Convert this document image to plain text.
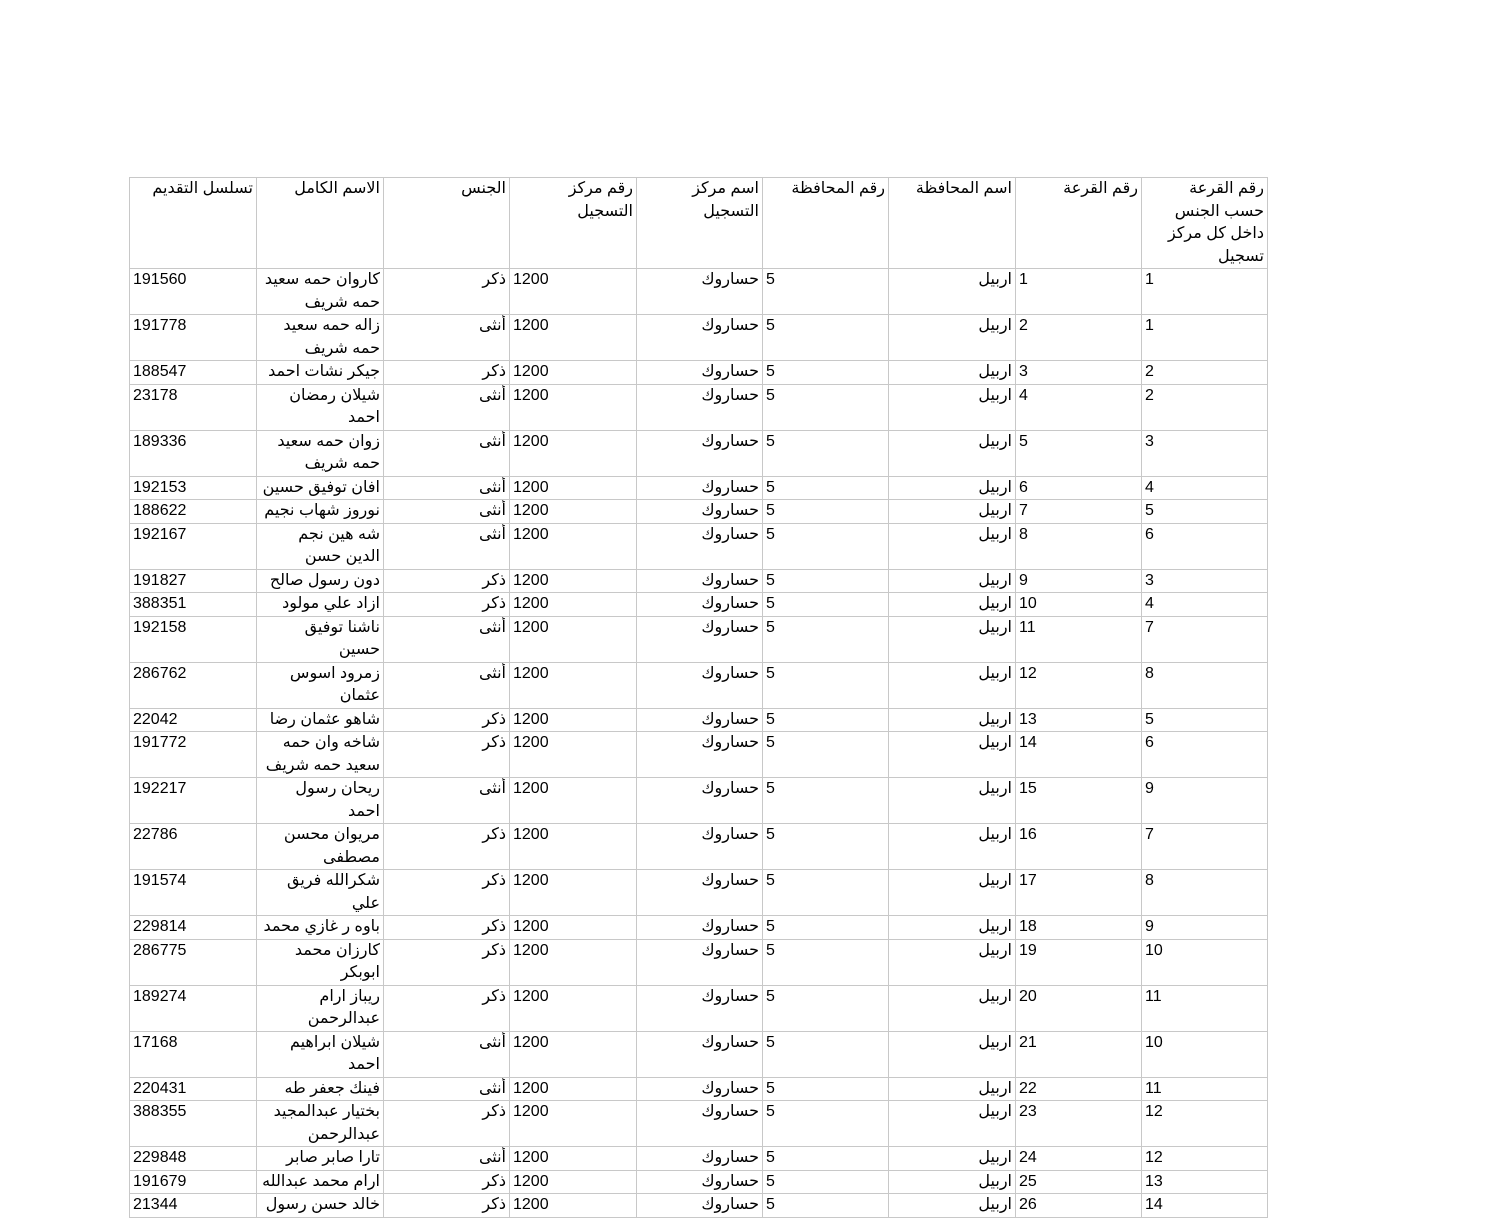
رقم القرعة حسب الجنس داخل كل مركز تسجيل	رقم القرعة	اسم المحافظة	رقم المحافظة	اسم مركز التسجيل	رقم مركز التسجيل	الجنس	الاسم الكامل	تسلسل التقديم
1	1	اربيل	5	حساروك	1200	ذكر	كاروان حمه سعيد حمه شريف	191560
1	2	اربيل	5	حساروك	1200	أنثى	زاله حمه سعيد حمه شريف	191778
2	3	اربيل	5	حساروك	1200	ذكر	جيكر نشات احمد	188547
2	4	اربيل	5	حساروك	1200	أنثى	شيلان رمضان احمد	23178
3	5	اربيل	5	حساروك	1200	أنثى	زوان حمه سعيد حمه شريف	189336
4	6	اربيل	5	حساروك	1200	أنثى	افان توفيق حسين	192153
5	7	اربيل	5	حساروك	1200	أنثى	نوروز شهاب نجيم	188622
6	8	اربيل	5	حساروك	1200	أنثى	شه هين نجم الدين حسن	192167
3	9	اربيل	5	حساروك	1200	ذكر	دون رسول صالح	191827
4	10	اربيل	5	حساروك	1200	ذكر	ازاد علي مولود	388351
7	11	اربيل	5	حساروك	1200	أنثى	ناشنا توفيق حسين	192158
8	12	اربيل	5	حساروك	1200	أنثى	زمرود اسوس عثمان	286762
5	13	اربيل	5	حساروك	1200	ذكر	شاهو عثمان رضا	22042
6	14	اربيل	5	حساروك	1200	ذكر	شاخه وان حمه سعيد حمه شريف	191772
9	15	اربيل	5	حساروك	1200	أنثى	ريحان رسول احمد	192217
7	16	اربيل	5	حساروك	1200	ذكر	مريوان محسن مصطفى	22786
8	17	اربيل	5	حساروك	1200	ذكر	شكرالله فريق علي	191574
9	18	اربيل	5	حساروك	1200	ذكر	باوه ر غازي محمد	229814
10	19	اربيل	5	حساروك	1200	ذكر	كارزان محمد ابوبكر	286775
11	20	اربيل	5	حساروك	1200	ذكر	ريباز ارام عبدالرحمن	189274
10	21	اربيل	5	حساروك	1200	أنثى	شيلان ابراهيم احمد	17168
11	22	اربيل	5	حساروك	1200	أنثى	فينك جعفر طه	220431
12	23	اربيل	5	حساروك	1200	ذكر	بختيار عبدالمجيد عبدالرحمن	388355
12	24	اربيل	5	حساروك	1200	أنثى	تارا صابر صابر	229848
13	25	اربيل	5	حساروك	1200	ذكر	ارام محمد عبدالله	191679
14	26	اربيل	5	حساروك	1200	ذكر	خالد حسن رسول	21344
